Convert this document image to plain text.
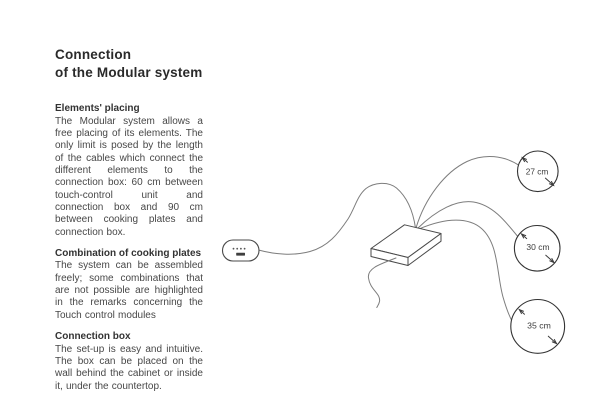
Connection
of the Modular system
Elements' placing

The Modular system allows a free placing of its elements. The only limit is posed by the length of the cables which connect the different elements to the connection box: 60 cm between touch-control unit and connection box and 90 cm between cooking plates and connection box.

Combination of cooking plates

The system can be assembled freely; some combinations that are not possible are highlighted in the remarks concerning the Touch control modules

Connection box

The set-up is easy and intuitive. The box can be placed on the wall behind the cabinet or inside it, under the countertop.

27 cm
30 cm
35 cm
